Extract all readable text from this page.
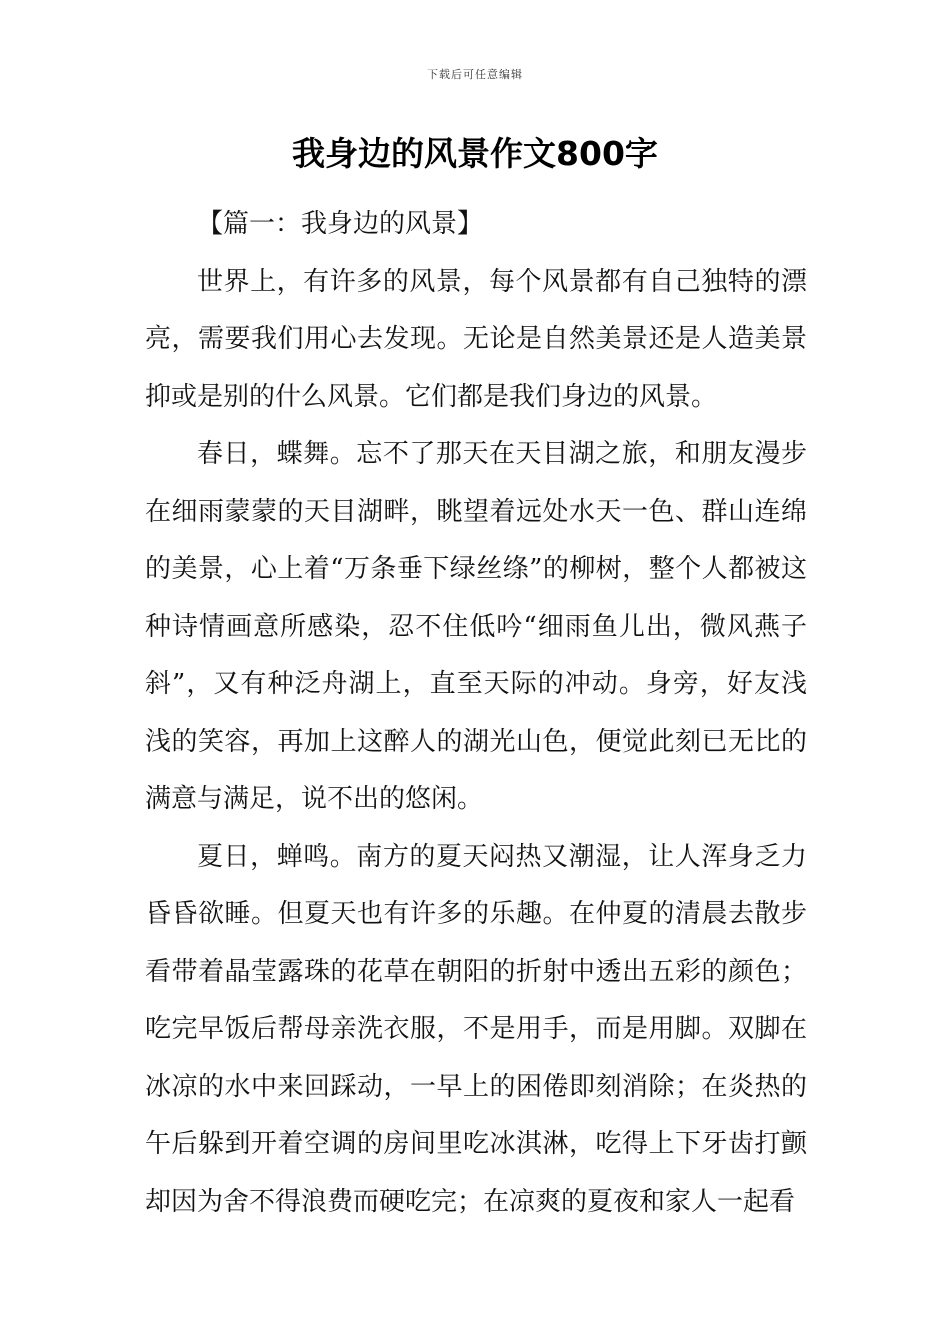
下载后可任意编辑
我身边的风景作文800字

【篇一：我身边的风景】

世界上，有许多的风景，每个风景都有自己独特的漂亮，需要我们用心去发现。无论是自然美景还是人造美景抑或是别的什么风景。它们都是我们身边的风景。

春日，蝶舞。忘不了那天在天目湖之旅，和朋友漫步在细雨蒙蒙的天目湖畔，眺望着远处水天一色、群山连绵的美景，心上着“万条垂下绿丝绦”的柳树，整个人都被这种诗情画意所感染，忍不住低吟“细雨鱼儿出，微风燕子斜”，又有种泛舟湖上，直至天际的冲动。身旁，好友浅浅的笑容，再加上这醉人的湖光山色，便觉此刻已无比的满意与满足，说不出的悠闲。

夏日，蝉鸣。南方的夏天闷热又潮湿，让人浑身乏力昏昏欲睡。但夏天也有许多的乐趣。在仲夏的清晨去散步看带着晶莹露珠的花草在朝阳的折射中透出五彩的颜色；吃完早饭后帮母亲洗衣服，不是用手，而是用脚。双脚在冰凉的水中来回踩动，一早上的困倦即刻消除；在炎热的午后躲到开着空调的房间里吃冰淇淋，吃得上下牙齿打颤却因为舍不得浪费而硬吃完；在凉爽的夏夜和家人一起看
